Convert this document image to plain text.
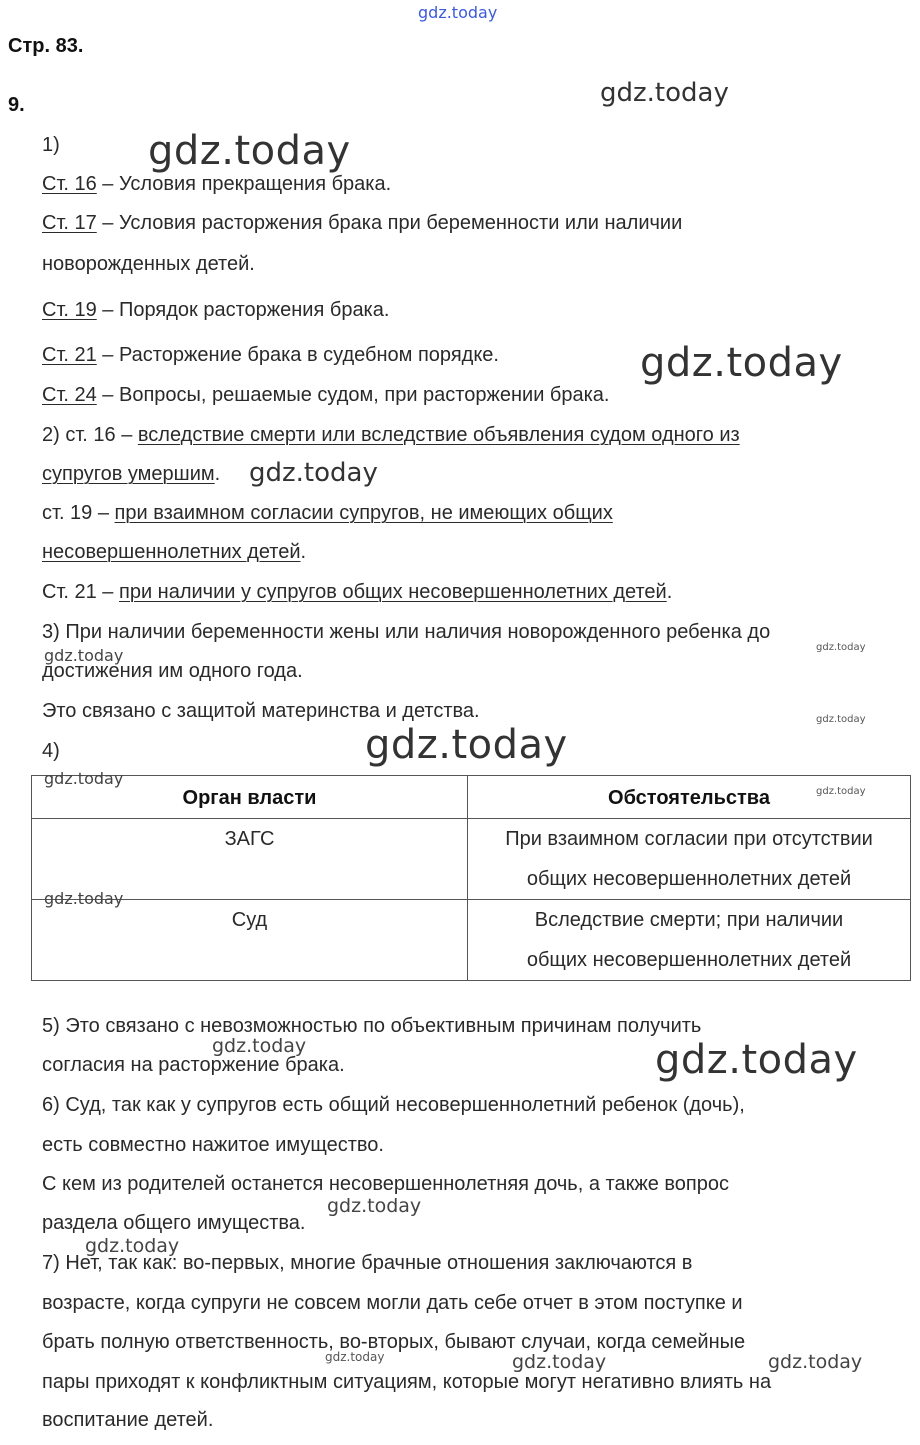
Стр. 83.
9.
1)
Ст. 16 – Условия прекращения брака.
Ст. 17 – Условия расторжения брака при беременности или наличии
новорожденных детей.
Ст. 19 – Порядок расторжения брака.
Ст. 21 – Расторжение брака в судебном порядке.
Ст. 24 – Вопросы, решаемые судом, при расторжении брака.
2) ст. 16 – вследствие смерти или вследствие объявления судом одного из
супругов умершим.
ст. 19 – при взаимном согласии супругов, не имеющих общих
несовершеннолетних детей.
Ст. 21 – при наличии у супругов общих несовершеннолетних детей.
3) При наличии беременности жены или наличия новорожденного ребенка до
достижения им одного года.
Это связано с защитой материнства и детства.
4)
Орган власти	Обстоятельства
ЗАГС	При взаимном согласии при отсутствии
общих несовершеннолетних детей

Суд	Вследствие смерти; при наличии
общих несовершеннолетних детей
5) Это связано с невозможностью по объективным причинам получить
согласия на расторжение брака.
6) Суд, так как у супругов есть общий несовершеннолетний ребенок (дочь),
есть совместно нажитое имущество.
С кем из родителей останется несовершеннолетняя дочь, а также вопрос
раздела общего имущества.
7) Нет, так как: во-первых, многие брачные отношения заключаются в
возрасте, когда супруги не совсем могли дать себе отчет в этом поступке и
брать полную ответственность, во-вторых, бывают случаи, когда семейные
пары приходят к конфликтным ситуациям, которые могут негативно влиять на
воспитание детей.
gdz.today
gdz.today
gdz.today
gdz.today
gdz.today
gdz.today	gdz.today
gdz.today
gdz.today
gdz.today
gdz.today
gdz.today
gdz.today	gdz.today
gdz.today
gdz.today
gdz.today	gdz.today	gdz.today
